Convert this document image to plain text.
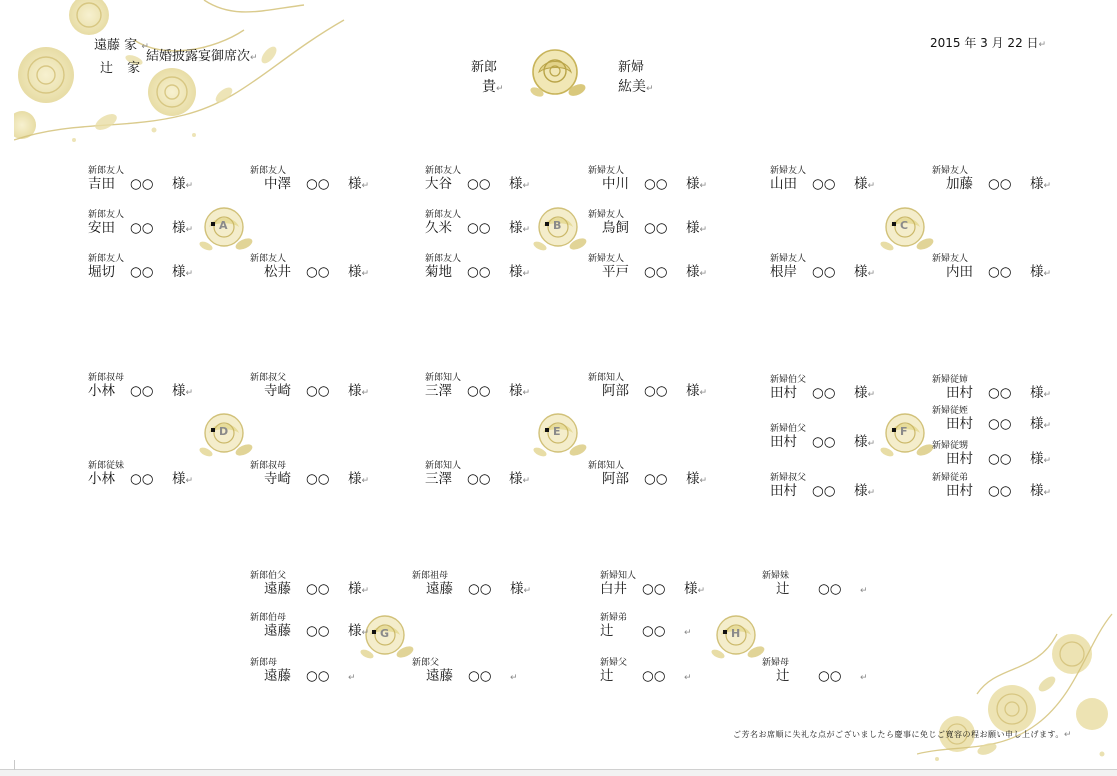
遠藤 家 ↵
結婚披露宴御席次↵
辻 家	新郎
貴↵
新婦
紘美↵
2015 年 3 月 22 日↵
A	B	C
D	E	F
G	H
新郎友人
吉田 ○○ 様↵
新郎友人
中澤 ○○ 様↵
新郎友人
安田 ○○ 様↵
新郎友人
堀切 ○○ 様↵
新郎友人
松井 ○○ 様↵
新郎友人
大谷 ○○ 様↵
新婦友人
中川 ○○ 様↵
新郎友人
久米 ○○ 様↵
新婦友人
鳥飼 ○○ 様↵
新郎友人
菊地 ○○ 様↵
新婦友人
平戸 ○○ 様↵
新婦友人
山田 ○○ 様↵
新婦友人
加藤 ○○ 様↵
新婦友人
根岸 ○○ 様↵
新婦友人
内田 ○○ 様↵
新郎叔母
小林 ○○ 様↵
新郎叔父
寺崎 ○○ 様↵
新郎従妹
小林 ○○ 様↵
新郎叔母
寺崎 ○○ 様↵
新郎知人
三澤 ○○ 様↵
新郎知人
阿部 ○○ 様↵
新郎知人
三澤 ○○ 様↵
新郎知人
阿部 ○○ 様↵
新婦伯父
田村 ○○ 様↵
新婦従姉
田村 ○○ 様↵
新婦従姪
田村 ○○ 様↵
新婦伯父
田村 ○○ 様↵	新婦従甥
田村 ○○ 様↵
新婦従弟
田村 ○○ 様↵
新婦叔父
田村 ○○ 様↵
新郎伯父
遠藤 ○○ 様↵
新郎祖母
遠藤 ○○ 様↵
新郎伯母
遠藤 ○○ 様↵
新郎母
遠藤 ○○ ↵
新郎父
遠藤 ○○ ↵
新婦知人
白井 ○○ 様↵
新婦妹
辻 ○○ ↵
新婦弟
辻 ○○ ↵
新婦父
辻 ○○ ↵
新婦母
辻 ○○ ↵
ご芳名お席順に失礼な点がございましたら慶事に免じご寛容の程お願い申し上げます。↵
